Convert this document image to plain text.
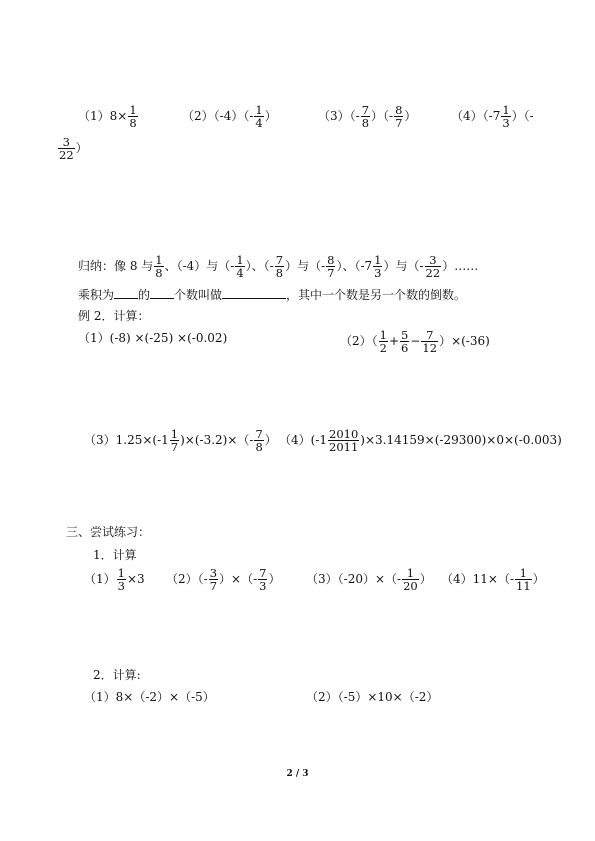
$(1)8\times \frac{1}{8}$	$(2)(-4)(- \frac{1}{4}$ ）	$(3)(- \frac{7}{8}$ ）（- $\frac{8}{7}$ ）	$(4)(-7 \frac{1}{3}$ ）（-
$\frac{3}{22}$ ）
归纳：像 8 与 $\frac{1}{8}$ 、（-4）与（- $\frac{1}{4}$ ）、（- $\frac{7}{8}$ ）与（- $\frac{8}{7}$ ）、（$-7 \frac{1}{3}$ ）与（- $\frac{3}{22}$ ）……
乘积为 的 个数叫做	，其中一个数是另一个数的倒数。
例 2．计算：
（1）(-8) ×(-25) ×(-0.02)	$(2)( \frac{1}{2} + \frac{5}{6} - \frac{7}{12} )\times(-36)$
$(3)1.25\times(-1 \frac{1}{7} )\times(-3.2)\times(- \frac{7}{8}$ ） $(4)(-1 \frac{2010}{2011} )\times 3.14159\times(-29300)\times 0\times(-0.003)$
三、尝试练习：
1．计算
$(1) \frac{1}{3} \times 3$ $(2)(- \frac{3}{7}$ ）×（- $\frac{7}{3}$ ） $(3)(-20)\times(- \frac{1}{20}$ ） $(4)11\times(- \frac{1}{11}$ ）
2．计算:
（1）8×（-2）×（-5）	（2）（-5）×10×（-2）
2 / 3
